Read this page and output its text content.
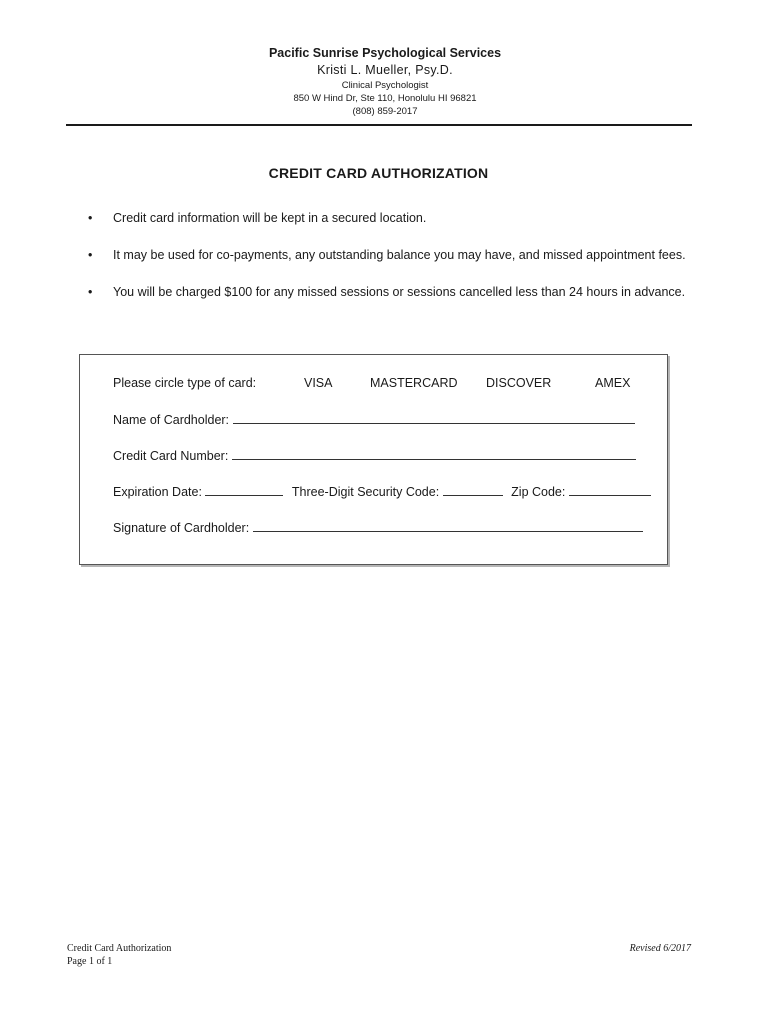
Pacific Sunrise Psychological Services
Kristi L. Mueller, Psy.D.
Clinical Psychologist
850 W Hind Dr, Ste 110, Honolulu HI 96821
(808) 859-2017
CREDIT CARD AUTHORIZATION
• Credit card information will be kept in a secured location.
• It may be used for co-payments, any outstanding balance you may have, and missed appointment fees.
• You will be charged $100 for any missed sessions or sessions cancelled less than 24 hours in advance.
Please circle type of card:	VISA	MASTERCARD DISCOVER	AMEX
Name of Cardholder:
Credit Card Number:
Expiration Date:	Three-Digit Security Code:	Zip Code:
Signature of Cardholder:
Credit Card Authorization
Page 1 of 1
Revised 6/2017
